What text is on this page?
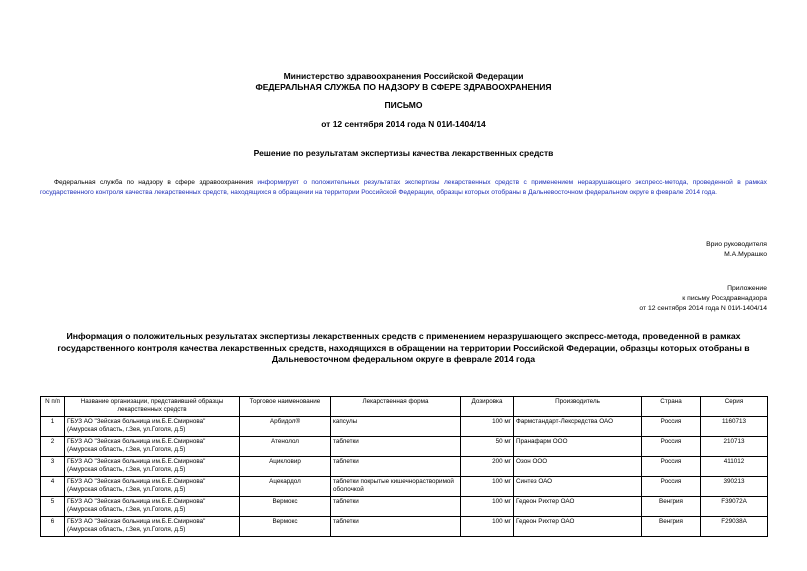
Министерство здравоохранения Российской Федерации
ФЕДЕРАЛЬНАЯ СЛУЖБА ПО НАДЗОРУ В СФЕРЕ ЗДРАВООХРАНЕНИЯ
ПИСЬМО
от 12 сентября 2014 года N 01И-1404/14
Решение по результатам экспертизы качества лекарственных средств
Федеральная служба по надзору в сфере здравоохранения информирует о положительных результатах экспертизы лекарственных средств с применением неразрушающего экспресс-метода, проведенной в рамках государственного контроля качества лекарственных средств, находящихся в обращении на территории Российской Федерации, образцы которых отобраны в Дальневосточном федеральном округе в феврале 2014 года.
Врио руководителя
М.А.Мурашко
Приложение
к письму Росздравнадзора
от 12 сентября 2014 года N 01И-1404/14
Информация о положительных результатах экспертизы лекарственных средств с применением неразрушающего экспресс-метода, проведенной в рамках государственного контроля качества лекарственных средств, находящихся в обращении на территории Российской Федерации, образцы которых отобраны в Дальневосточном федеральном округе в феврале 2014 года
N п/п	Название организации, представившей образцы лекарственных средств	Торговое наименование	Лекарственная форма	Дозировка	Производитель	Страна	Серия
1	ГБУЗ АО "Зейская больница им.Б.Е.Смирнова" (Амурская область, г.Зея, ул.Гоголя, д.5)	Арбидол®	капсулы	100 мг	Фармстандарт-Лексредства ОАО	Россия	1160713
2	ГБУЗ АО "Зейская больница им.Б.Е.Смирнова" (Амурская область, г.Зея, ул.Гоголя, д.5)	Атенолол	таблетки	50 мг	Пранафарм ООО	Россия	210713
3	ГБУЗ АО "Зейская больница им.Б.Е.Смирнова" (Амурская область, г.Зея, ул.Гоголя, д.5)	Ацикловир	таблетки	200 мг	Озон ООО	Россия	411012
4	ГБУЗ АО "Зейская больница им.Б.Е.Смирнова" (Амурская область, г.Зея, ул.Гоголя, д.5)	Ацекардол	таблетки покрытые кишечнорастворимой оболочкой	100 мг	Синтез ОАО	Россия	390213
5	ГБУЗ АО "Зейская больница им.Б.Е.Смирнова" (Амурская область, г.Зея, ул.Гоголя, д.5)	Вермокс	таблетки	100 мг	Гедеон Рихтер ОАО	Венгрия	F39072A
6	ГБУЗ АО "Зейская больница им.Б.Е.Смирнова" (Амурская область, г.Зея, ул.Гоголя, д.5)	Вермокс	таблетки	100 мг	Гедеон Рихтер ОАО	Венгрия	F29038A
